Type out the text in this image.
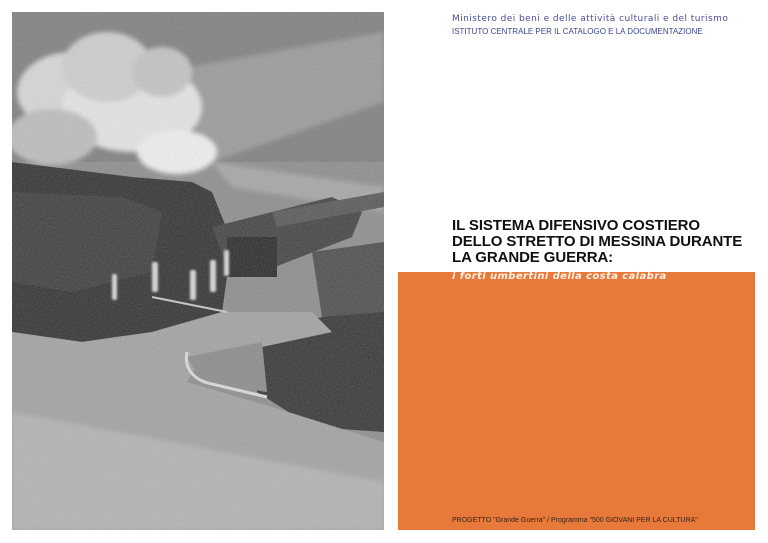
Ministero dei beni e delle attività culturali e del turismo
ISTITUTO CENTRALE PER IL CATALOGO E LA DOCUMENTAZIONE
IL SISTEMA DIFENSIVO COSTIERO
DELLO STRETTO DI MESSINA DURANTE
LA GRANDE GUERRA:
i forti umbertini della costa calabra
PROGETTO "Grande Guerra" / Programma "500 GIOVANI PER LA CULTURA"
